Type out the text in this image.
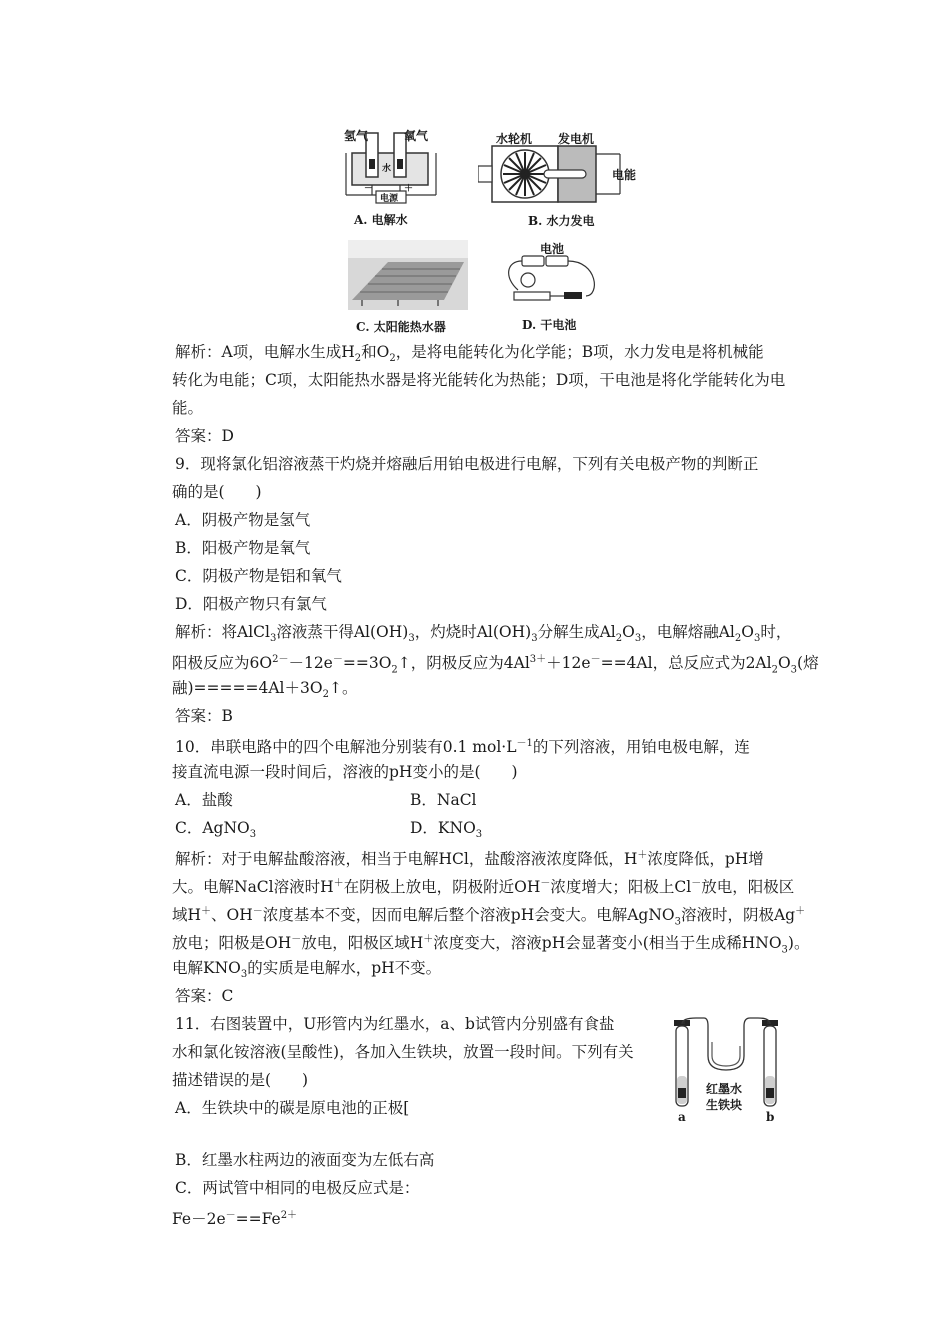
氢气	氧气
水
电源
－	＋
A. 电解水
水轮机 发电机
电能
B. 水力发电
C. 太阳能热水器
电池
D. 干电池
解析：A项，电解水生成$H_2$和$O_2$，是将电能转化为化学能；B项，水力发电是将机械能
转化为电能；C项，太阳能热水器是将光能转化为热能；D项，干电池是将化学能转化为电
能。
答案：D
9．现将氯化铝溶液蒸干灼烧并熔融后用铂电极进行电解，下列有关电极产物的判断正
确的是(　　)
A．阴极产物是氢气
B．阳极产物是氧气
C．阴极产物是铝和氧气
D．阳极产物只有氯气
解析：将AlCl$_3$溶液蒸干得$Al(OH)_3$，灼烧时$Al(OH)_3$分解生成$Al_2O_3$，电解熔融$Al_2O_3$时，
阳极反应为$6O^{2-}-12e^-==3O_2↑$，阴极反应为$4Al^{3+}+12e^-==4Al$，总反应式为$2Al_2O_3$(熔
融)$=====4Al+3O_2↑$。
答案：B
10．串联电路中的四个电解池分别装有0.1 $mol\cdot L^{-1}$的下列溶液，用铂电极电解，连
接直流电源一段时间后，溶液的pH变小的是(　　)
A．盐酸	B．NaCl
C．AgNO$_3$	D．$KNO_3$
解析：对于电解盐酸溶液，相当于电解HCl，盐酸溶液浓度降低，H＋浓度降低，pH增
大。电解NaCl溶液时H＋在阴极上放电，阴极附近OH－浓度增大；阳极上Cl－放电，阳极区
域H＋、OH－浓度基本不变，因而电解后整个溶液pH会变大。电解AgNO$_3$溶液时，阴极Ag＋
放电；阳极是OH－放电，阳极区域H＋浓度变大，溶液pH会显著变小(相当于生成稀$HNO_3$)。
电解$KNO_3$的实质是电解水，pH不变。
答案：C
11．右图装置中，U形管内为红墨水，a、b试管内分别盛有食盐
水和氯化铵溶液(呈酸性)，各加入生铁块，放置一段时间。下列有关
描述错误的是(　　)
A．生铁块中的碳是原电池的正极[
B．红墨水柱两边的液面变为左低右高
C．两试管中相同的电极反应式是：
$Fe-2e^-==Fe^{2+}$
红墨水
生铁块
a	b
